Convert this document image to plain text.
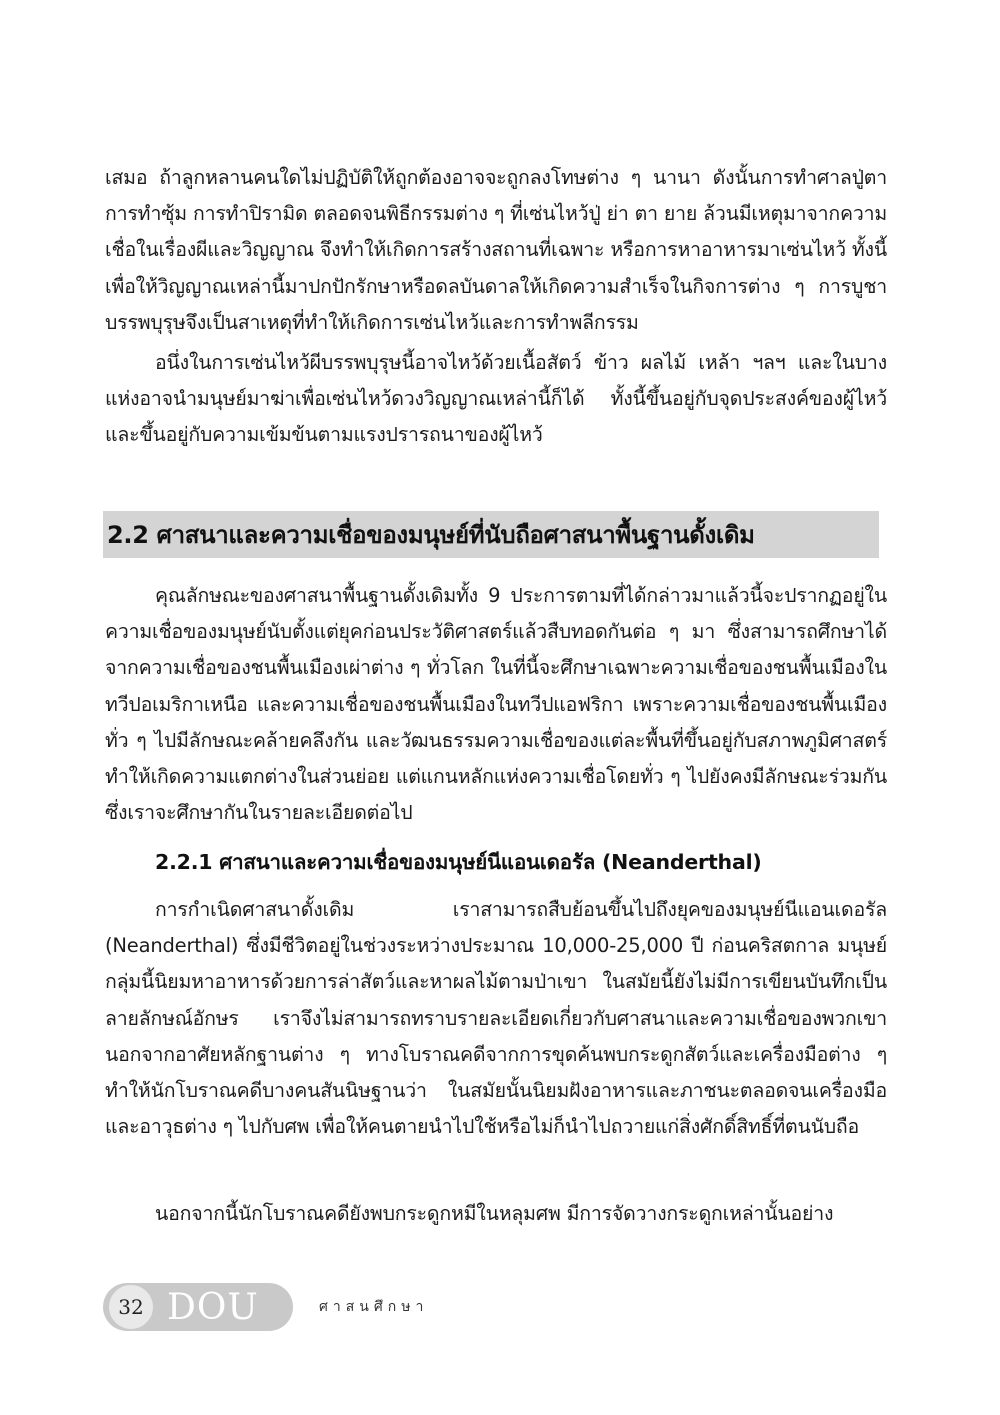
เสมอ ถ้าลูกหลานคนใดไม่ปฏิบัติให้ถูกต้องอาจจะถูกลงโทษต่าง ๆ นานา ดังนั้นการทำศาลปู่ตา การทำซุ้ม การทำปิรามิด ตลอดจนพิธีกรรมต่าง ๆ ที่เซ่นไหว้ปู่ ย่า ตา ยาย ล้วนมีเหตุมาจากความเชื่อในเรื่องผีและวิญญาณ จึงทำให้เกิดการสร้างสถานที่เฉพาะ หรือการหาอาหารมาเซ่นไหว้ ทั้งนี้เพื่อให้วิญญาณเหล่านี้มาปกปักรักษาหรือดลบันดาลให้เกิดความสำเร็จในกิจการต่าง ๆ การบูชาบรรพบุรุษจึงเป็นสาเหตุที่ทำให้เกิดการเซ่นไหว้และการทำพลีกรรม

อนึ่งในการเซ่นไหว้ผีบรรพบุรุษนี้อาจไหว้ด้วยเนื้อสัตว์ ข้าว ผลไม้ เหล้า ฯลฯ และในบางแห่งอาจนำมนุษย์มาฆ่าเพื่อเซ่นไหว้ดวงวิญญาณเหล่านี้ก็ได้ ทั้งนี้ขึ้นอยู่กับจุดประสงค์ของผู้ไหว้ และขึ้นอยู่กับความเข้มข้นตามแรงปรารถนาของผู้ไหว้

2.2 ศาสนาและความเชื่อของมนุษย์ที่นับถือศาสนาพื้นฐานดั้งเดิม

คุณลักษณะของศาสนาพื้นฐานดั้งเดิมทั้ง 9 ประการตามที่ได้กล่าวมาแล้วนี้จะปรากฏอยู่ในความเชื่อของมนุษย์นับตั้งแต่ยุคก่อนประวัติศาสตร์แล้วสืบทอดกันต่อ ๆ มา ซึ่งสามารถศึกษาได้จากความเชื่อของชนพื้นเมืองเผ่าต่าง ๆ ทั่วโลก ในที่นี้จะศึกษาเฉพาะความเชื่อของชนพื้นเมืองในทวีปอเมริกาเหนือ และความเชื่อของชนพื้นเมืองในทวีปแอฟริกา เพราะความเชื่อของชนพื้นเมืองทั่ว ๆ ไปมีลักษณะคล้ายคลึงกัน และวัฒนธรรมความเชื่อของแต่ละพื้นที่ขึ้นอยู่กับสภาพภูมิศาสตร์ ทำให้เกิดความแตกต่างในส่วนย่อย แต่แกนหลักแห่งความเชื่อโดยทั่ว ๆ ไปยังคงมีลักษณะร่วมกัน ซึ่งเราจะศึกษากันในรายละเอียดต่อไป

2.2.1 ศาสนาและความเชื่อของมนุษย์นีแอนเดอรัล (Neanderthal)

การกำเนิดศาสนาดั้งเดิม เราสามารถสืบย้อนขึ้นไปถึงยุคของมนุษย์นีแอนเดอรัล (Neanderthal) ซึ่งมีชีวิตอยู่ในช่วงระหว่างประมาณ 10,000-25,000 ปี ก่อนคริสตกาล มนุษย์กลุ่มนี้นิยมหาอาหารด้วยการล่าสัตว์และหาผลไม้ตามป่าเขา ในสมัยนี้ยังไม่มีการเขียนบันทึกเป็นลายลักษณ์อักษร เราจึงไม่สามารถทราบรายละเอียดเกี่ยวกับศาสนาและความเชื่อของพวกเขา นอกจากอาศัยหลักฐานต่าง ๆ ทางโบราณคดีจากการขุดค้นพบกระดูกสัตว์และเครื่องมือต่าง ๆ ทำให้นักโบราณคดีบางคนสันนิษฐานว่า ในสมัยนั้นนิยมฝังอาหารและภาชนะตลอดจนเครื่องมือและอาวุธต่าง ๆ ไปกับศพ เพื่อให้คนตายนำไปใช้หรือไม่ก็นำไปถวายแก่สิ่งศักดิ์สิทธิ์ที่ตนนับถือ

นอกจากนี้นักโบราณคดียังพบกระดูกหมีในหลุมศพ มีการจัดวางกระดูกเหล่านั้นอย่าง

32 DOU	ศาสนศึกษา
